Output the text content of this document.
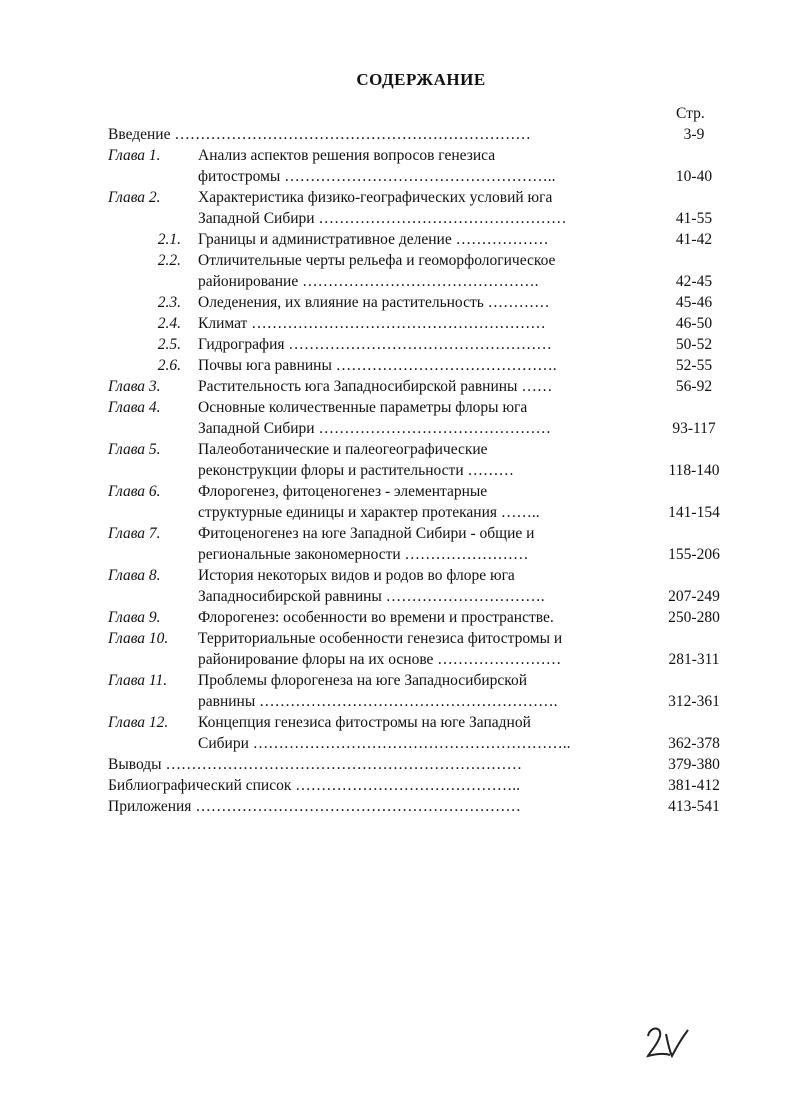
СОДЕРЖАНИЕ
Стр.
Введение ……………………………………………………………	3-9
Глава 1. Анализ аспектов решения вопросов генезиса
фитостромы ……………………………………………..	10-40
Глава 2. Характеристика физико-географических условий юга
Западной Сибири …………………………………………	41-55
2.1. Границы и административное деление ………………	41-42
2.2. Отличительные черты рельефа и геоморфологическое
районирование ……………………………………….	42-45
2.3. Оледенения, их влияние на растительность …………	45-46
2.4. Климат …………………………………………………	46-50
2.5. Гидрография ……………………………………………	50-52
2.6. Почвы юга равнины …………………………………….	52-55
Глава 3. Растительность юга Западносибирской равнины ……	56-92
Глава 4. Основные количественные параметры флоры юга
Западной Сибири ………………………………………	93-117
Глава 5. Палеоботанические и палеогеографические
реконструкции флоры и растительности ………	118-140
Глава 6. Флорогенез, фитоценогенез - элементарные
структурные единицы и характер протекания ……..	141-154
Глава 7. Фитоценогенез на юге Западной Сибири - общие и
региональные закономерности ……………………	155-206
Глава 8. История некоторых видов и родов во флоре юга
Западносибирской равнины ………………………….	207-249
Глава 9. Флорогенез: особенности во времени и пространстве.	250-280
Глава 10. Территориальные особенности генезиса фитостромы и
районирование флоры на их основе ……………………	281-311
Глава 11. Проблемы флорогенеза на юге Западносибирской
равнины ………………………………………………….	312-361
Глава 12. Концепция генезиса фитостромы на юге Западной
Сибири ……………………………………………………..	362-378
Выводы ……………………………………………………………	379-380
Библиографический список ……………………………………..	381-412
Приложения ………………………………………………………	413-541
